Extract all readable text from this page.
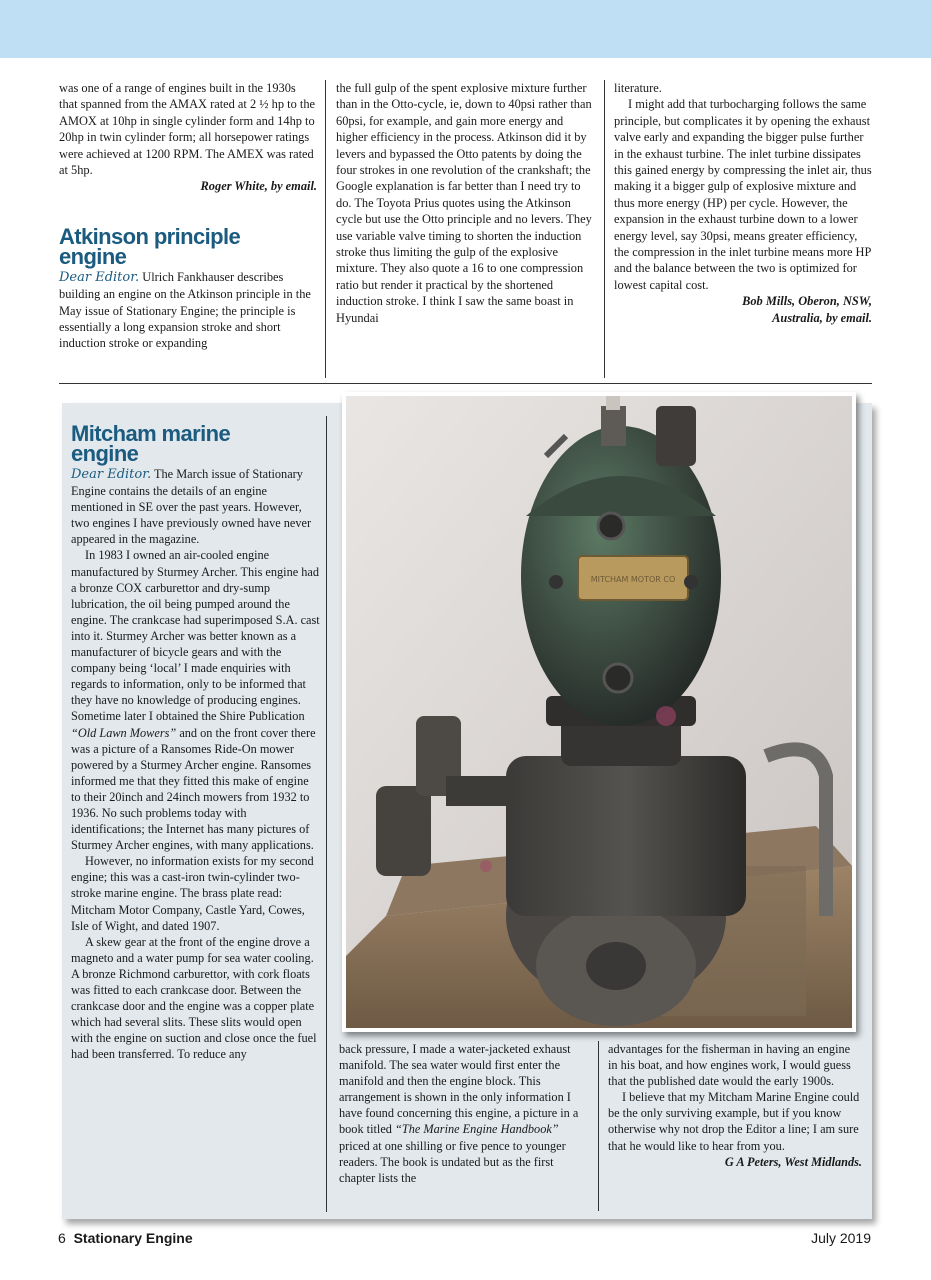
was one of a range of engines built in the 1930s that spanned from the AMAX rated at 2 ½ hp to the AMOX at 10hp in single cylinder form and 14hp to 20hp in twin cylinder form; all horsepower ratings were achieved at 1200 RPM. The AMEX was rated at 5hp.

Roger White, by email.
Atkinson principle engine

Dear Editor. Ulrich Fankhauser describes building an engine on the Atkinson principle in the May issue of Stationary Engine; the principle is essentially a long expansion stroke and short induction stroke or expanding

the full gulp of the spent explosive mixture further than in the Otto-cycle, ie, down to 40psi rather than 60psi, for example, and gain more energy and higher efficiency in the process. Atkinson did it by levers and bypassed the Otto patents by doing the four strokes in one revolution of the crankshaft; the Google explanation is far better than I need try to do. The Toyota Prius quotes using the Atkinson cycle but use the Otto principle and no levers. They use variable valve timing to shorten the induction stroke thus limiting the gulp of the explosive mixture. They also quote a 16 to one compression ratio but render it practical by the shortened induction stroke. I think I saw the same boast in Hyundai

literature.

I might add that turbocharging follows the same principle, but complicates it by opening the exhaust valve early and expanding the bigger pulse further in the exhaust turbine. The inlet turbine dissipates this gained energy by compressing the inlet air, thus making it a bigger gulp of explosive mixture and thus more energy (HP) per cycle. However, the expansion in the exhaust turbine down to a lower energy level, say 30psi, means greater efficiency, the compression in the inlet turbine means more HP and the balance between the two is optimized for lowest capital cost.

Bob Mills, Oberon, NSW,
Australia, by email.
Mitcham marine engine

Dear Editor. The March issue of Stationary Engine contains the details of an engine mentioned in SE over the past years. However, two engines I have previously owned have never appeared in the magazine.

In 1983 I owned an air-cooled engine manufactured by Sturmey Archer. This engine had a bronze COX carburettor and dry-sump lubrication, the oil being pumped around the engine. The crankcase had superimposed S.A. cast into it. Sturmey Archer was better known as a manufacturer of bicycle gears and with the company being ‘local’ I made enquiries with regards to information, only to be informed that they have no knowledge of producing engines. Sometime later I obtained the Shire Publication “Old Lawn Mowers” and on the front cover there was a picture of a Ransomes Ride-On mower powered by a Sturmey Archer engine. Ransomes informed me that they fitted this make of engine to their 20inch and 24inch mowers from 1932 to 1936. No such problems today with identifications; the Internet has many pictures of Sturmey Archer engines, with many applications.

However, no information exists for my second engine; this was a cast-iron twin-cylinder two-stroke marine engine. The brass plate read: Mitcham Motor Company, Castle Yard, Cowes, Isle of Wight, and dated 1907.

A skew gear at the front of the engine drove a magneto and a water pump for sea water cooling. A bronze Richmond carburettor, with cork floats was fitted to each crankcase door. Between the crankcase door and the engine was a copper plate which had several slits. These slits would open with the engine on suction and close once the fuel had been transferred. To reduce any

MITCHAM MOTOR CO

back pressure, I made a water-jacketed exhaust manifold. The sea water would first enter the manifold and then the engine block. This arrangement is shown in the only information I have found concerning this engine, a picture in a book titled “The Marine Engine Handbook” priced at one shilling or five pence to younger readers. The book is undated but as the first chapter lists the

advantages for the fisherman in having an engine in his boat, and how engines work, I would guess that the published date would the early 1900s.

I believe that my Mitcham Marine Engine could be the only surviving example, but if you know otherwise why not drop the Editor a line; I am sure that he would like to hear from you.

G A Peters, West Midlands.
6 Stationary Engine	July 2019
